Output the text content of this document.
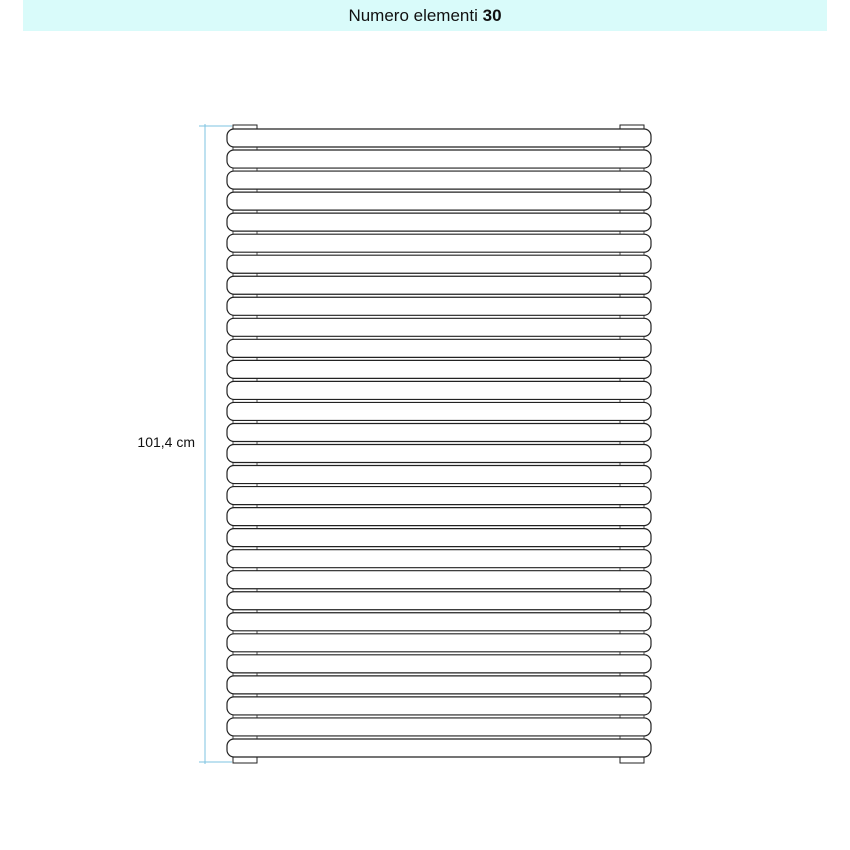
Numero elementi 30
101,4 cm
